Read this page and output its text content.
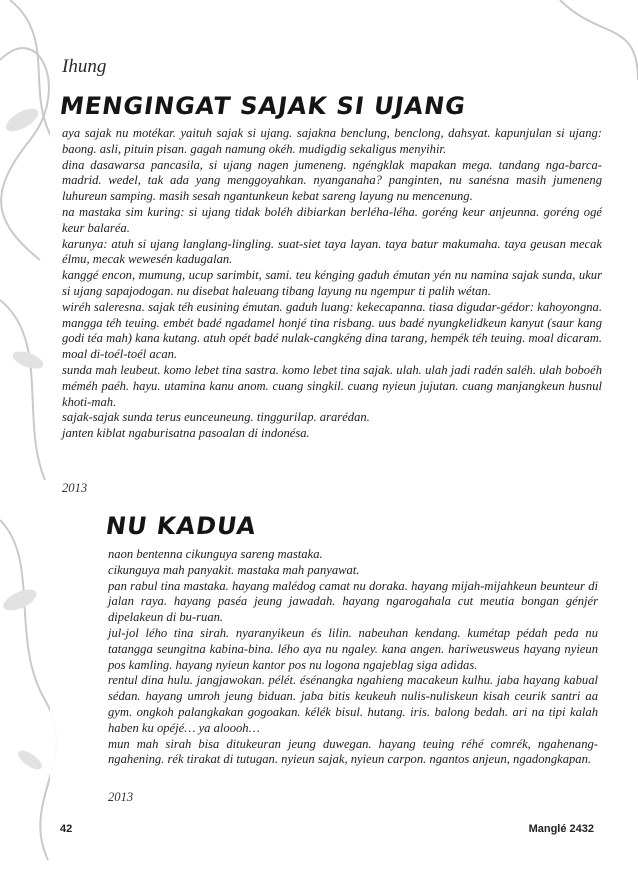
Ihung
MENGINGAT SAJAK SI UJANG

aya sajak nu motékar. yaituh sajak si ujang. sajakna benclung, benclong, dahsyat. kapunjulan si ujang: baong. asli, pituin pisan. gagah namung okéh. mudigdig sekaligus menyihir.

dina dasawarsa pancasila, si ujang nagen jumeneng. ngéngklak mapakan mega. tandang nga-barca-madrid. wedel, tak ada yang menggoyahkan. nyanganaha? panginten, nu sanésna masih jumeneng luhureun samping. masih sesah ngantunkeun kebat sareng layung nu mencenung.

na mastaka sim kuring: si ujang tidak boléh dibiarkan berléha-léha. goréng keur anjeunna. goréng ogé keur balaréa.

karunya: atuh si ujang langlang-lingling. suat-siet taya layan. taya batur makumaha. taya geusan mecak élmu, mecak wewesén kadugalan.

kanggé encon, mumung, ucup sarimbit, sami. teu kénging gaduh émutan yén nu namina sajak sunda, ukur si ujang sapajodogan. nu disebat haleuang tibang layung nu ngempur ti palih wétan.

wiréh saleresna. sajak téh eusining émutan. gaduh luang: kekecapanna. tiasa digudar-gédor: kahoyongna. mangga téh teuing. embét badé ngadamel honjé tina risbang. uus badé nyungkelidkeun kanyut (saur kang godi téa mah) kana kutang. atuh opét badé nulak-cangkéng dina tarang, hempék téh teuing. moal dicaram. moal di-toél-toél acan.

sunda mah leubeut. komo lebet tina sastra. komo lebet tina sajak. ulah. ulah jadi radén saléh. ulah boboéh méméh paéh. hayu. utamina kanu anom. cuang singkil. cuang nyieun jujutan. cuang manjangkeun husnul khoti-mah.

sajak-sajak sunda terus eunceuneung. tinggurilap. ararédan.

janten kiblat ngaburisatna pasoalan di indonésa.

2013
NU KADUA

naon bentenna cikunguya sareng mastaka.

cikunguya mah panyakit. mastaka mah panyawat.

pan rabul tina mastaka. hayang malédog camat nu doraka. hayang mijah-mijahkeun beunteur di jalan raya. hayang paséa jeung jawadah. hayang ngarogahala cut meutia bongan génjér dipelakeun di bu-ruan.

jul-jol lého tina sirah. nyaranyikeun és lilin. nabeuhan kendang. kumétap pédah peda nu tatangga seungitna kabina-bina. lého aya nu ngaley. kana angen. hariweusweus hayang nyieun pos kamling. hayang nyieun kantor pos nu logona ngajeblag siga adidas.

rentul dina hulu. jangjawokan. pélét. ésénangka ngahieng macakeun kulhu. jaba hayang kabual sédan. hayang umroh jeung biduan. jaba bitis keukeuh nulis-nuliskeun kisah ceurik santri aa gym. ongkoh palangkakan gogoakan. kélék bisul. hutang. iris. balong bedah. ari na tipi kalah haben ku opéjé… ya aloooh…

mun mah sirah bisa ditukeuran jeung duwegan. hayang teuing réhé comrék, ngahenang-ngahening. rék tirakat di tutugan. nyieun sajak, nyieun carpon. ngantos anjeun, ngadongkapan.

2013
42	Manglé 2432
